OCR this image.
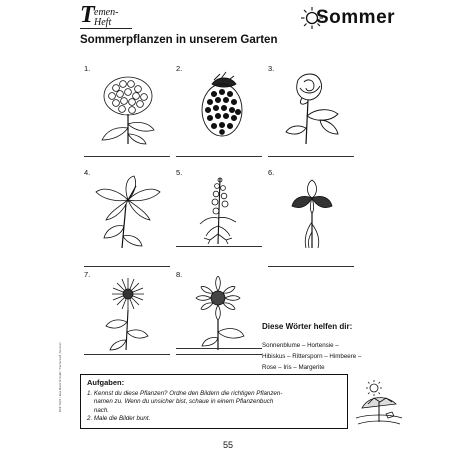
T emen-
Heft	Sommer
Sommerpflanzen in unserem Garten
1.	2.	3.
4.	5.	6.
7.	8.
Diese Wörter helfen dir:
Sonnenblume – Hortensie –
Hibiskus – Rittersporn – Himbeere –
Rose – Iris – Margerite
Aufgaben:
1. Kennst du diese Pflanzen? Ordne den Bildern die richtigen Pflanzen-
namen zu. Wenn du unsicher bist, schaue in einem Pflanzenbuch
nach.
2. Male die Bilder bunt.
BVK TH22 • Ewa Maria Schmidt • Themenheft „Sommer“
55
